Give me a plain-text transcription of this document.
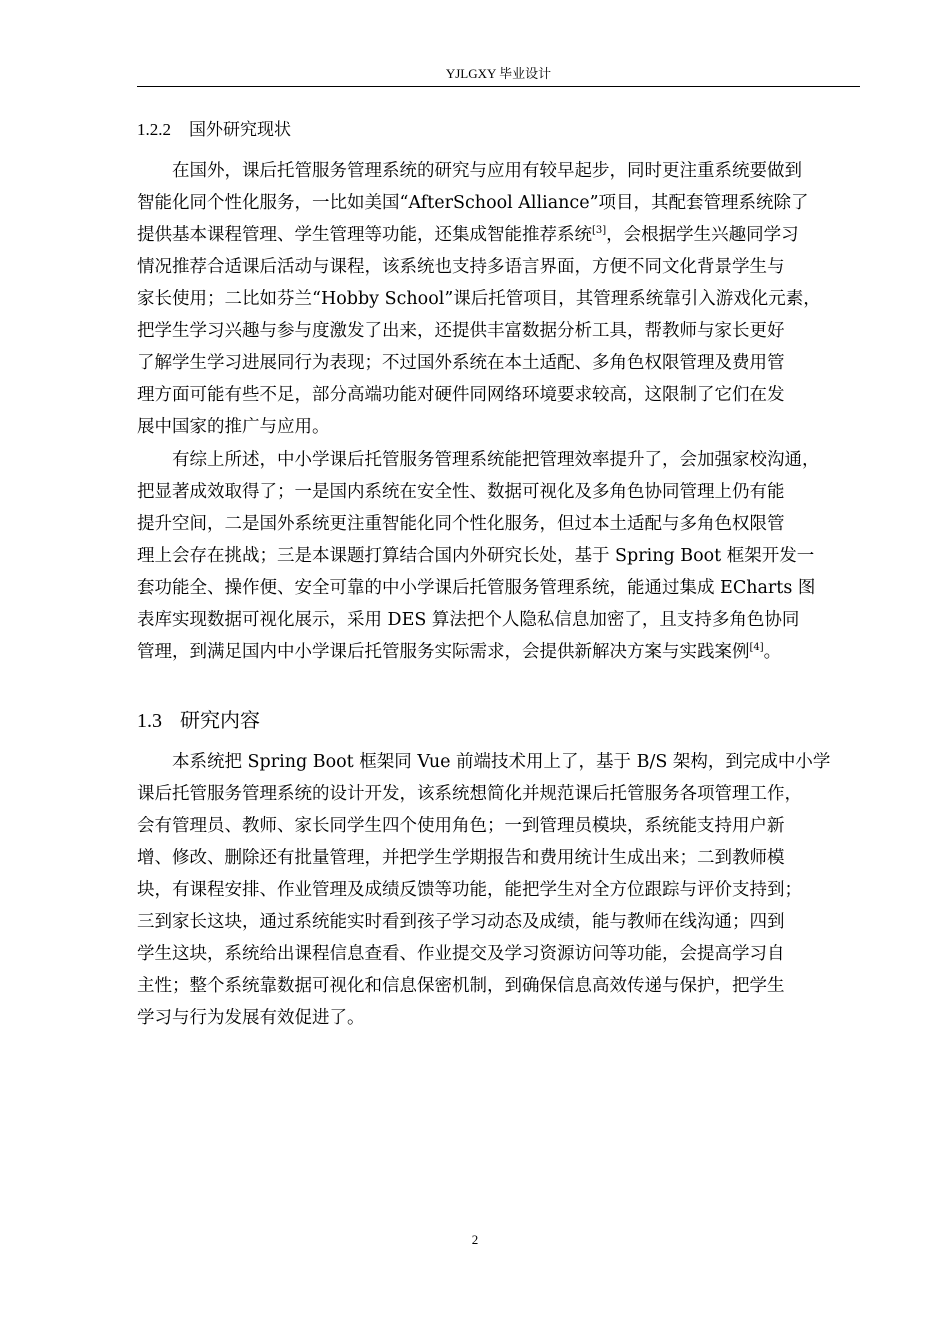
YJLGXY 毕业设计
1.2.2 国外研究现状
在国外，课后托管服务管理系统的研究与应用有较早起步，同时更注重系统要做到
智能化同个性化服务，一比如美国“AfterSchool Alliance”项目，其配套管理系统除了
提供基本课程管理、学生管理等功能，还集成智能推荐系统[3]，会根据学生兴趣同学习
情况推荐合适课后活动与课程，该系统也支持多语言界面，方便不同文化背景学生与
家长使用；二比如芬兰“Hobby School”课后托管项目，其管理系统靠引入游戏化元素，
把学生学习兴趣与参与度激发了出来，还提供丰富数据分析工具，帮教师与家长更好
了解学生学习进展同行为表现；不过国外系统在本土适配、多角色权限管理及费用管
理方面可能有些不足，部分高端功能对硬件同网络环境要求较高，这限制了它们在发
展中国家的推广与应用。
有综上所述，中小学课后托管服务管理系统能把管理效率提升了，会加强家校沟通，
把显著成效取得了；一是国内系统在安全性、数据可视化及多角色协同管理上仍有能
提升空间，二是国外系统更注重智能化同个性化服务，但过本土适配与多角色权限管
理上会存在挑战；三是本课题打算结合国内外研究长处，基于 Spring Boot 框架开发一
套功能全、操作便、安全可靠的中小学课后托管服务管理系统，能通过集成 ECharts 图
表库实现数据可视化展示，采用 DES 算法把个人隐私信息加密了，且支持多角色协同
管理，到满足国内中小学课后托管服务实际需求，会提供新解决方案与实践案例[4]。
1.3 研究内容
本系统把 Spring Boot 框架同 Vue 前端技术用上了，基于 B/S 架构，到完成中小学
课后托管服务管理系统的设计开发，该系统想简化并规范课后托管服务各项管理工作，
会有管理员、教师、家长同学生四个使用角色；一到管理员模块，系统能支持用户新
增、修改、删除还有批量管理，并把学生学期报告和费用统计生成出来；二到教师模
块，有课程安排、作业管理及成绩反馈等功能，能把学生对全方位跟踪与评价支持到；
三到家长这块，通过系统能实时看到孩子学习动态及成绩，能与教师在线沟通；四到
学生这块，系统给出课程信息查看、作业提交及学习资源访问等功能，会提高学习自
主性；整个系统靠数据可视化和信息保密机制，到确保信息高效传递与保护，把学生
学习与行为发展有效促进了。
2
